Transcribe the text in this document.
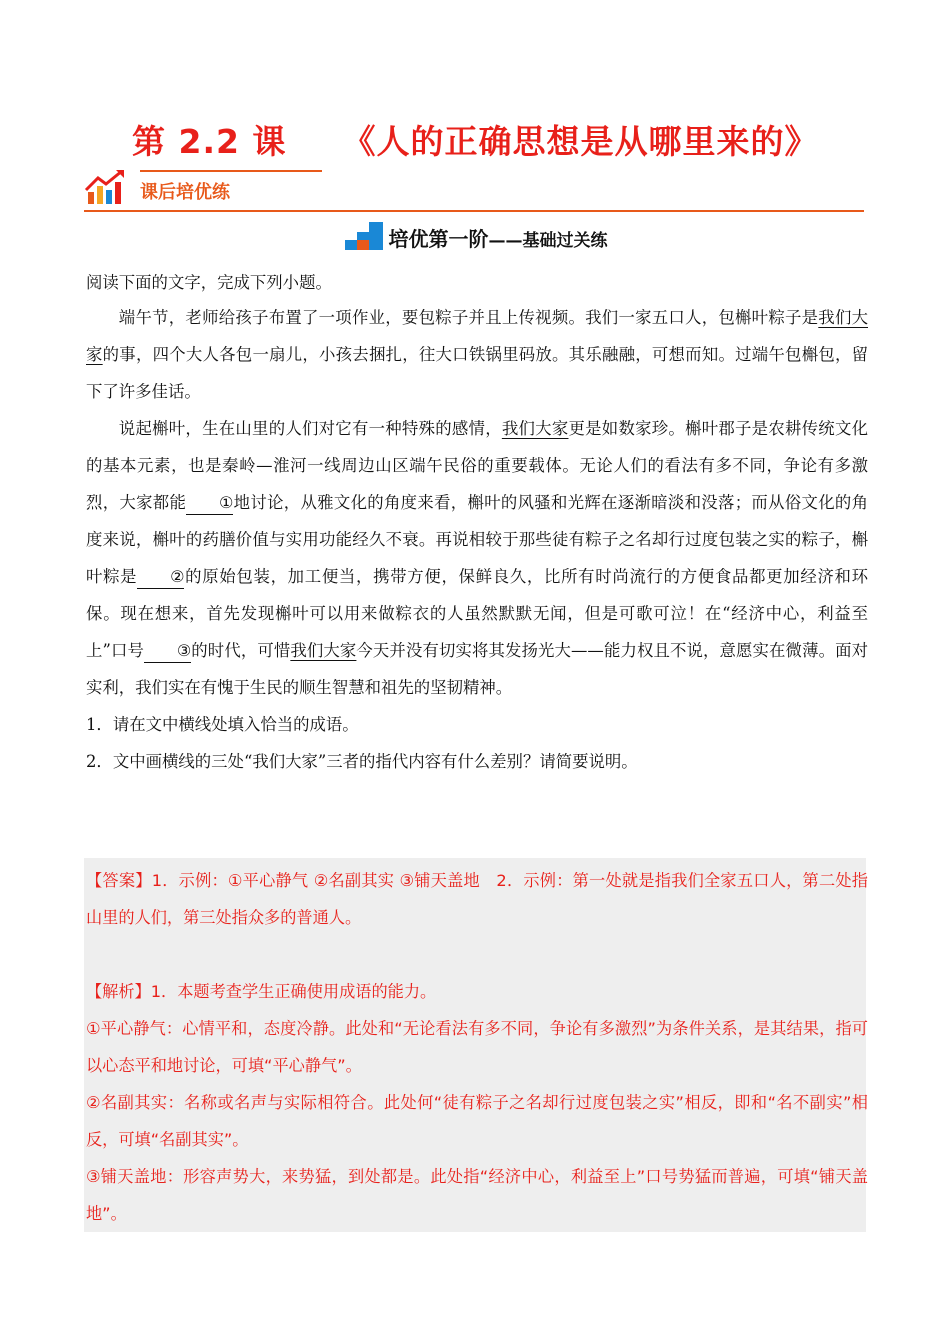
第 2.2 课 《人的正确思想是从哪里来的》
课后培优练
培优第一阶——基础过关练

阅读下面的文字，完成下列小题。

端午节，老师给孩子布置了一项作业，要包粽子并且上传视频。我们一家五口人，包槲叶粽子是我们大家的事，四个大人各包一扇儿，小孩去捆扎，往大口铁锅里码放。其乐融融，可想而知。过端午包槲包，留下了许多佳话。

说起槲叶，生在山里的人们对它有一种特殊的感情，我们大家更是如数家珍。槲叶郡子是农耕传统文化的基本元素，也是秦岭—淮河一线周边山区端午民俗的重要载体。无论人们的看法有多不同，争论有多激烈，大家都能 ①地讨论，从雅文化的角度来看，槲叶的风骚和光辉在逐渐暗淡和没落；而从俗文化的角度来说，槲叶的药膳价值与实用功能经久不衰。再说相较于那些徒有粽子之名却行过度包装之实的粽子，槲叶粽是 ②的原始包装，加工便当，携带方便，保鲜良久，比所有时尚流行的方便食品都更加经济和环保。现在想来，首先发现槲叶可以用来做粽衣的人虽然默默无闻，但是可歌可泣！在“经济中心，利益至上”口号 ③的时代，可惜我们大家今天并没有切实将其发扬光大——能力权且不说，意愿实在微薄。面对实利，我们实在有愧于生民的顺生智慧和祖先的坚韧精神。

1．请在文中横线处填入恰当的成语。

2．文中画横线的三处“我们大家”三者的指代内容有什么差别？请简要说明。

【答案】1．示例：①平心静气 ②名副其实 ③铺天盖地　2．示例：第一处就是指我们全家五口人，第二处指山里的人们，第三处指众多的普通人。

【解析】1．本题考查学生正确使用成语的能力。

①平心静气：心情平和，态度冷静。此处和“无论看法有多不同，争论有多激烈”为条件关系，是其结果，指可以心态平和地讨论，可填“平心静气”。

②名副其实：名称或名声与实际相符合。此处何“徒有粽子之名却行过度包装之实”相反，即和“名不副实”相反，可填“名副其实”。

③铺天盖地：形容声势大，来势猛，到处都是。此处指“经济中心，利益至上”口号势猛而普遍，可填“铺天盖地”。
